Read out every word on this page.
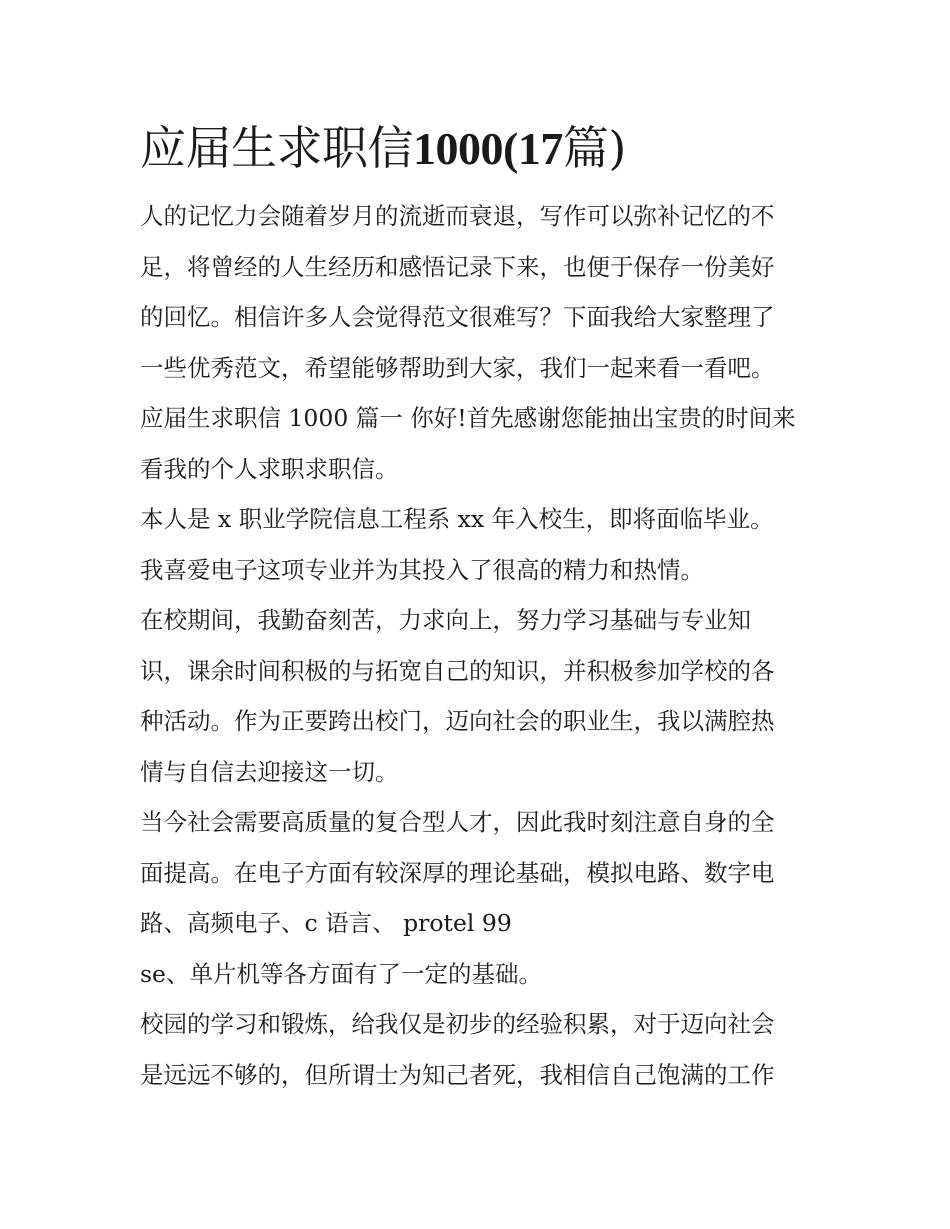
应届生求职信1000(17篇)

人的记忆力会随着岁月的流逝而衰退，写作可以弥补记忆的不
足，将曾经的人生经历和感悟记录下来，也便于保存一份美好
的回忆。相信许多人会觉得范文很难写？下面我给大家整理了
一些优秀范文，希望能够帮助到大家，我们一起来看一看吧。

应届生求职信 1000 篇一 你好!首先感谢您能抽出宝贵的时间来
看我的个人求职求职信。

本人是 x 职业学院信息工程系 xx 年入校生，即将面临毕业。

我喜爱电子这项专业并为其投入了很高的精力和热情。

在校期间，我勤奋刻苦，力求向上，努力学习基础与专业知
识，课余时间积极的与拓宽自己的知识，并积极参加学校的各
种活动。作为正要跨出校门，迈向社会的职业生，我以满腔热
情与自信去迎接这一切。

当今社会需要高质量的复合型人才，因此我时刻注意自身的全
面提高。在电子方面有较深厚的理论基础，模拟电路、数字电
路、高频电子、c 语言、 protel 99

se、单片机等各方面有了一定的基础。

校园的学习和锻炼，给我仅是初步的经验积累，对于迈向社会
是远远不够的，但所谓士为知己者死，我相信自己饱满的工作
